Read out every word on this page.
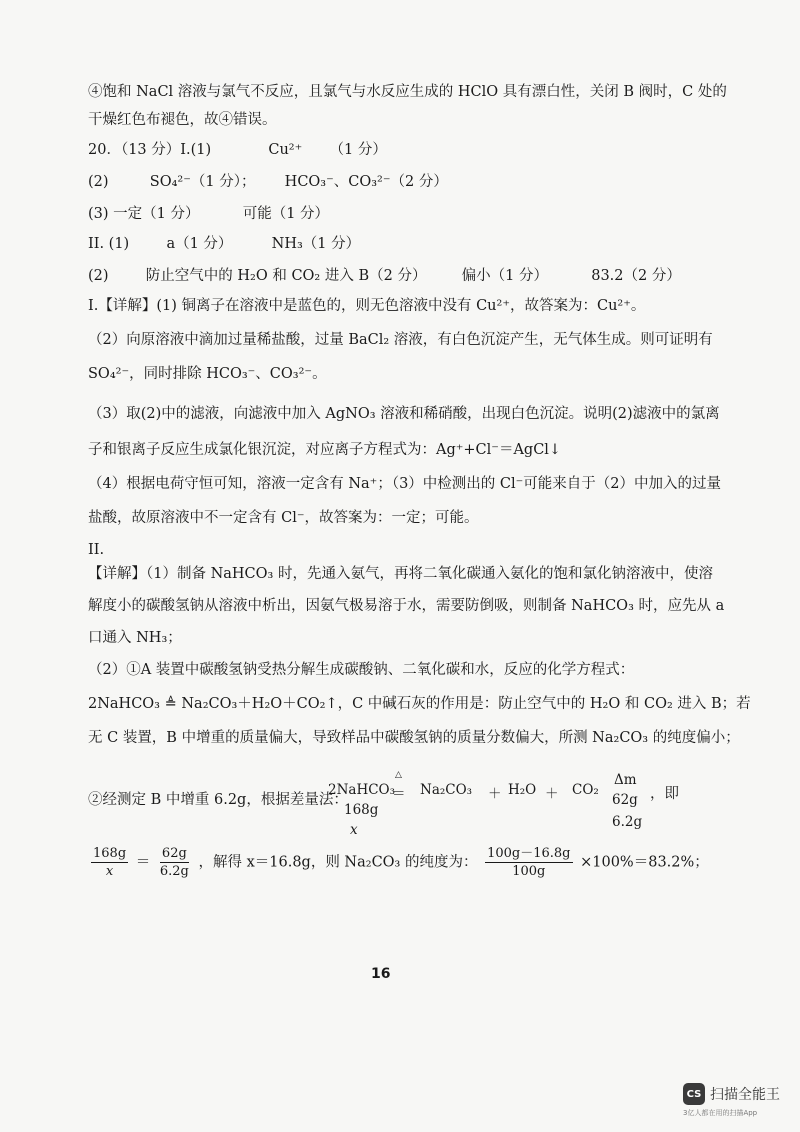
④饱和 NaCl 溶液与氯气不反应，且氯气与水反应生成的 HClO 具有漂白性，关闭 B 阀时，C 处的
干燥红色布褪色，故④错误。
20．（13 分）I.(1)	Cu²⁺ （1 分）
(2)	SO₄²⁻（1 分）； HCO₃⁻、CO₃²⁻（2 分）
(3) 一定（1 分）	可能（1 分）
II. (1)	a（1 分）	NH₃（1 分）
(2)	防止空气中的 H₂O 和 CO₂ 进入 B（2 分） 偏小（1 分）	83.2（2 分）
I.【详解】(1) 铜离子在溶液中是蓝色的，则无色溶液中没有 Cu²⁺，故答案为：Cu²⁺。
（2）向原溶液中滴加过量稀盐酸，过量 BaCl₂ 溶液，有白色沉淀产生，无气体生成。则可证明有
SO₄²⁻，同时排除 HCO₃⁻、CO₃²⁻。
（3）取(2)中的滤液，向滤液中加入 AgNO₃ 溶液和稀硝酸，出现白色沉淀。说明(2)滤液中的氯离
子和银离子反应生成氯化银沉淀，对应离子方程式为：Ag⁺+Cl⁻＝AgCl↓
（4）根据电荷守恒可知，溶液一定含有 Na⁺；（3）中检测出的 Cl⁻可能来自于（2）中加入的过量
盐酸，故原溶液中不一定含有 Cl⁻，故答案为：一定；可能。
II.
【详解】（1）制备 NaHCO₃ 时，先通入氨气，再将二氧化碳通入氨化的饱和氯化钠溶液中，使溶
解度小的碳酸氢钠从溶液中析出，因氨气极易溶于水，需要防倒吸，则制备 NaHCO₃ 时，应先从 a
口通入 NH₃；
（2）①A 装置中碳酸氢钠受热分解生成碳酸钠、二氧化碳和水，反应的化学方程式：
2NaHCO₃ ≜ Na₂CO₃＋H₂O＋CO₂↑，C 中碱石灰的作用是：防止空气中的 H₂O 和 CO₂ 进入 B；若
无 C 装置，B 中增重的质量偏大，导致样品中碳酸氢钠的质量分数偏大，所测 Na₂CO₃ 的纯度偏小；
②经测定 B 中增重 6.2g，根据差量法：
2NaHCO₃
△
＝ Na₂CO₃ ＋ H₂O ＋ CO₂
Δm
168g
62g
x	6.2g
，即
$\frac{168g}{x} = \frac{62g}{6.2g}$ ，解得 x＝16.8g，则 Na₂CO₃ 的纯度为： $\frac{100g-16.8g}{100g} \times 100\%=83.2\%$；
16
CS 扫描全能王
3亿人都在用的扫描App
